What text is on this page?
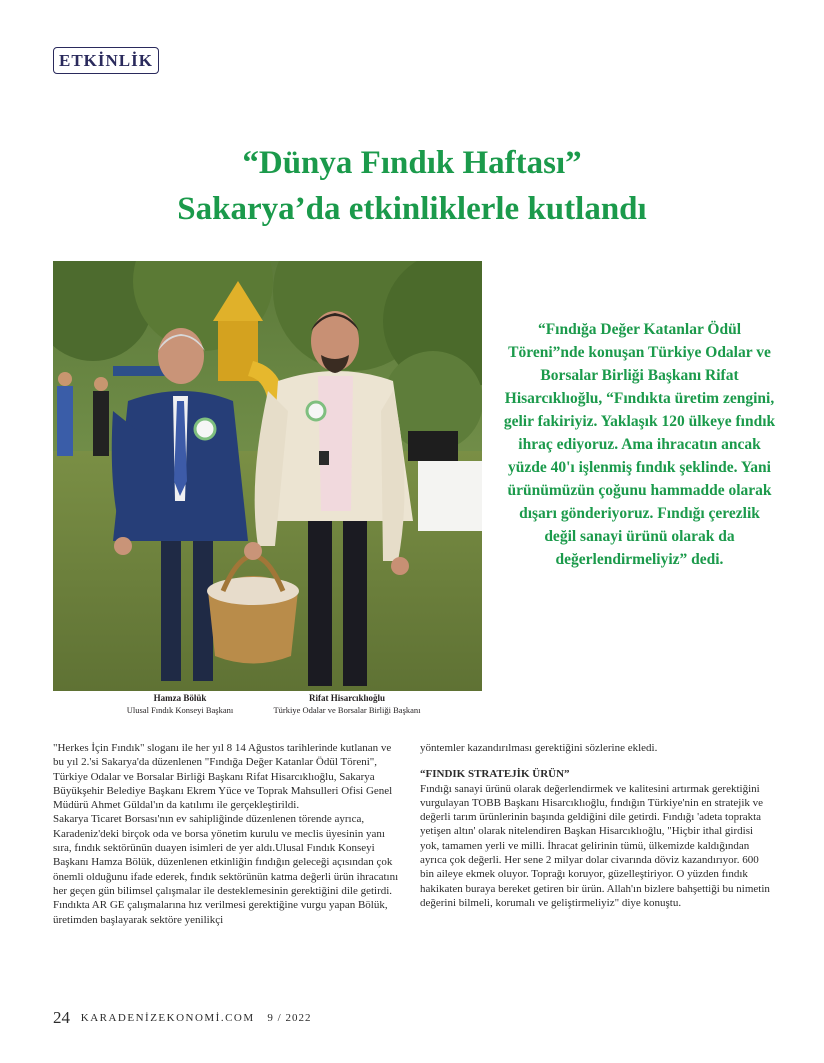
ETKİNLİK
“Dünya Fındık Haftası”
Sakarya’da etkinliklerle kutlandı
Hamza Bölük
Ulusal Fındık Konseyi Başkanı
Rifat Hisarcıklıoğlu
Türkiye Odalar ve Borsalar Birliği Başkanı
“Fındığa Değer Katanlar Ödül Töreni”nde konuşan Türkiye Odalar ve Borsalar Birliği Başkanı Rifat Hisarcıklıoğlu, “Fındıkta üretim zengini, gelir fakiriyiz. Yaklaşık 120 ülkeye fındık ihraç ediyoruz. Ama ihracatın ancak yüzde 40'ı işlenmiş fındık şeklinde. Yani ürünümüzün çoğunu hammadde olarak dışarı gönderiyoruz. Fındığı çerezlik değil sanayi ürünü olarak da değerlendirmeliyiz” dedi.

"Herkes İçin Fındık" sloganı ile her yıl 8 14 Ağustos tarihlerinde kutlanan ve bu yıl 2.'si Sakarya'da düzenlenen "Fındığa Değer Katanlar Ödül Töreni", Türkiye Odalar ve Borsalar Birliği Başkanı Rifat Hisarcıklıoğlu, Sakarya Büyükşehir Belediye Başkanı Ekrem Yüce ve Toprak Mahsulleri Ofisi Genel Müdürü Ahmet Güldal'ın da katılımı ile gerçekleştirildi.

Sakarya Ticaret Borsası'nın ev sahipliğinde düzenlenen törende ayrıca, Karadeniz'deki birçok oda ve borsa yönetim kurulu ve meclis üyesinin yanı sıra, fındık sektörünün duayen isimleri de yer aldı.Ulusal Fındık Konseyi Başkanı Hamza Bölük, düzenlenen etkinliğin fındığın geleceği açısından çok önemli olduğunu ifade ederek, fındık sektörünün katma değerli ürün ihracatını her geçen gün bilimsel çalışmalar ile desteklemesinin gerektiğini dile getirdi. Fındıkta AR GE çalışmalarına hız verilmesi gerektiğine vurgu yapan Bölük, üretimden başlayarak sektöre yenilikçi

yöntemler kazandırılması gerektiğini sözlerine ekledi.

“FINDIK STRATEJİK ÜRÜN”

Fındığı sanayi ürünü olarak değerlendirmek ve kalitesini artırmak gerektiğini vurgulayan TOBB Başkanı Hisarcıklıoğlu, fındığın Türkiye'nin en stratejik ve değerli tarım ürünlerinin başında geldiğini dile getirdi. Fındığı 'adeta toprakta yetişen altın' olarak nitelendiren Başkan Hisarcıklıoğlu, "Hiçbir ithal girdisi yok, tamamen yerli ve milli. İhracat gelirinin tümü, ülkemizde kaldığından ayrıca çok değerli. Her sene 2 milyar dolar civarında döviz kazandırıyor. 600 bin aileye ekmek oluyor. Toprağı koruyor, güzelleştiriyor. O yüzden fındık hakikaten buraya bereket getiren bir ürün. Allah'ın bizlere bahşettiği bu nimetin değerini bilmeli, korumalı ve geliştirmeliyiz" diye konuştu.

24 KARADENİZEKONOMİ.COM 9 / 2022
